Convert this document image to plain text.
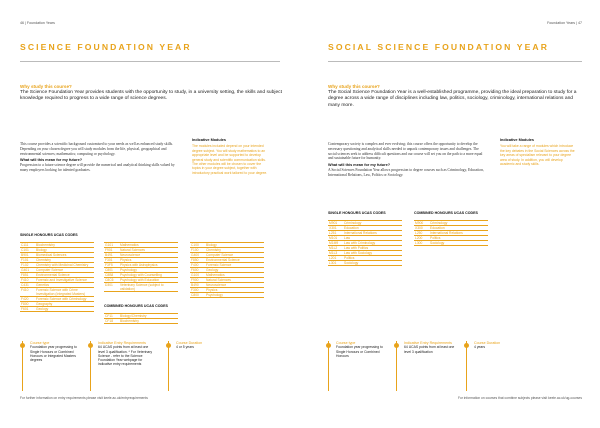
46 | Foundation Years
SCIENCE FOUNDATION YEAR
Why study this course?
The Science Foundation Year provides students with the opportunity to study, in a university setting, the skills and subject knowledge required to progress to a wide range of science degrees.

This course provides a scientific background customised to your needs as well as enhanced study skills. Depending on your chosen degree you will study modules from the life, physical, geographical and environmental sciences; mathematics; computing or psychology.

What will this mean for my future?

Progression to a future science degree will provide the numerical and analytical thinking skills valued by many employers looking for talented graduates.

Indicative Modules
The modules included depend on your intended degree subject. You will study mathematics to an appropriate level and be supported to develop general study and scientific communication skills. The other modules will be chosen to cover the topics in your degree subject, together with introductory practical work tailored to your degree.
SINGLE HONOURS UCAS CODES
C111	Biochemistry
C101	Biology
B901	Biomedical Sciences
F101	Chemistry
F102	Chemistry with Medicinal Chemistry
G401	Computer Science
F851	Environmental Science
F410	Forensic and Investigative Science
C431	Genetics
F410	Forensic Science with Crime Investigation (Integrated Masters)
F420	Forensic Science with Criminology
F800	Geography
F601	Geology
G101	Mathematics
F901	Natural Sciences
B491	Neuroscience
F301	Physics
F3F5	Physics with Astrophysics
C801	Psychology
C8B8	Psychology with Counselling
C8C6	Psychology with Education
D301	Veterinary Science (subject to validation)
C100	Biology
F100	Chemistry
G400	Computer Science
F850	Environmental Science
F400	Forensic Science
F600	Geology
G100	Mathematics
F900	Natural Sciences
B490	Neuroscience
F300	Physics
C800	Psychology
COMBINED HONOURS UCAS CODES
CF11	Biology/Chemistry
CF18	Biochemistry
Course type
Foundation year progressing to Single Honours or Combined Honours or Integrated Masters degrees
Indicative Entry Requirements
64 UCAS points from at least one level 3 qualification. * For Veterinary Science - refer to the Science Foundation Year webpage for indicative entry requirements
Course Duration
4 or 5 years
For further information on entry requirements please visit keele.ac.uk/entryrequirements
Foundation Years | 47
SOCIAL SCIENCE FOUNDATION YEAR
Why study this course?
The Social Science Foundation Year is a well-established programme, providing the ideal preparation to study for a degree across a wide range of disciplines including law, politics, sociology, criminology, international relations and many more.

Contemporary society is complex and ever evolving; this course offers the opportunity to develop the necessary questioning and analytical skills needed to unpack contemporary issues and challenges. The social sciences seek to address difficult questions and our course will set you on the path to a more equal and sustainable future for humanity.

What will this mean for my future?

A Social Sciences Foundation Year allows progression to degree courses such as Criminology, Education, International Relations, Law, Politics or Sociology.

Indicative Modules
You will take a range of modules which introduce the key debates in the Social Sciences across the key areas of specialism relevant to your degree area of study. In addition, you will develop academic and study skills.
SINGLE HONOURS UCAS CODES
M901	Criminology
X301	Education
L251	International Relations
M101	Law
M1M9	Law with Criminology
M1L2	Law with Politics
M1L3	Law with Sociology
L201	Politics
L301	Sociology
COMBINED HONOURS UCAS CODES
M900	Criminology
X300	Education
L250	International Relations
L200	Politics
L300	Sociology
Course type
Foundation year progressing to Single Honours or Combined Honours
Indicative Entry Requirements
64 UCAS points from at least one level 3 qualification
Course Duration
4 years
For information on courses that combine subjects please visit keele.ac.uk/ug-courses
